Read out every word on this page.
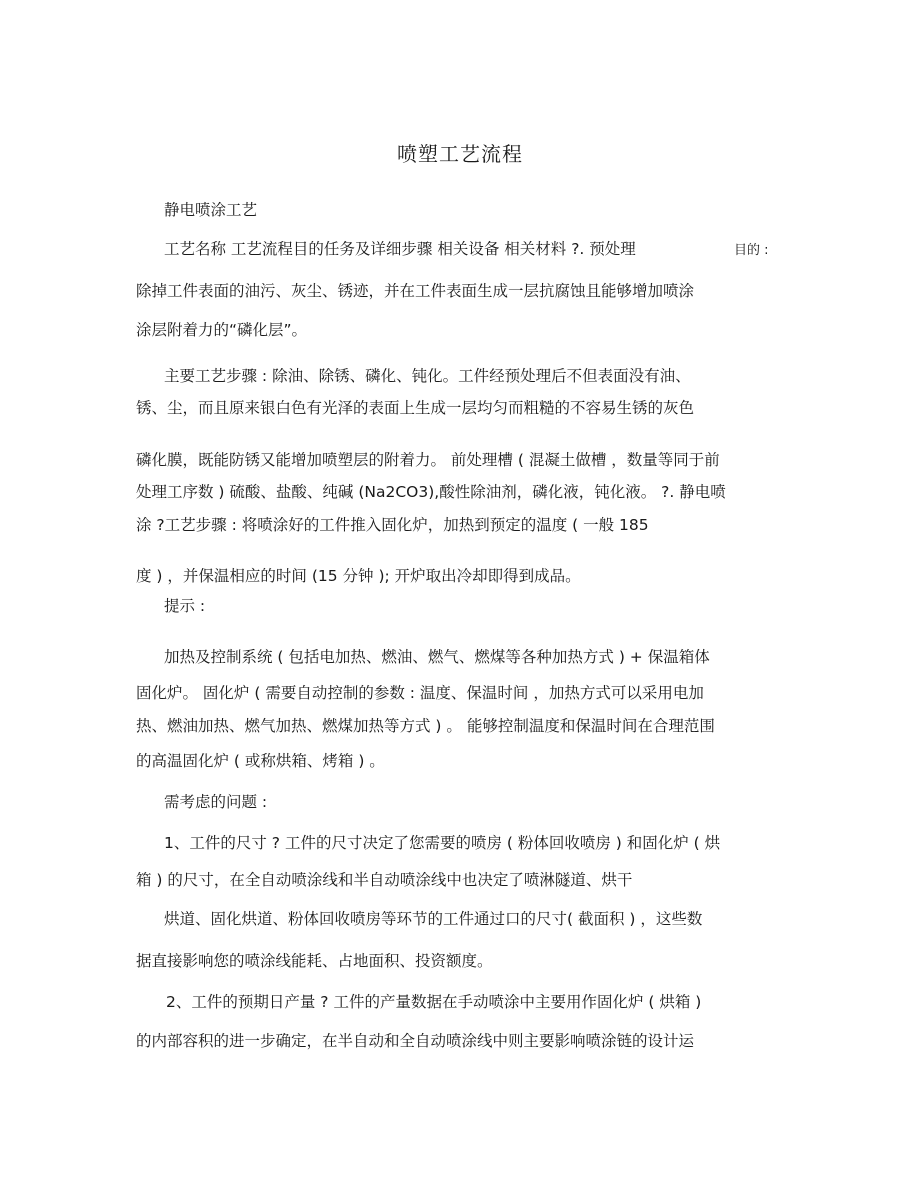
喷塑工艺流程
静电喷涂工艺
工艺名称 工艺流程目的任务及详细步骤 相关设备 相关材料 ?. 预处理	目的 :
除掉工件表面的油污、灰尘、锈迹，并在工件表面生成一层抗腐蚀且能够增加喷涂
涂层附着力的“磷化层”。
主要工艺步骤 : 除油、除锈、磷化、钝化。工件经预处理后不但表面没有油、
锈、尘，而且原来银白色有光泽的表面上生成一层均匀而粗糙的不容易生锈的灰色
磷化膜，既能防锈又能增加喷塑层的附着力。 前处理槽 ( 混凝土做槽 ，数量等同于前
处理工序数 ) 硫酸、盐酸、纯碱 (Na2CO3),酸性除油剂，磷化液，钝化液。 ?. 静电喷
涂 ?工艺步骤 : 将喷涂好的工件推入固化炉，加热到预定的温度 ( 一般 185
度 ) ，并保温相应的时间 (15 分钟 ); 开炉取出冷却即得到成品。
提示 :
加热及控制系统 ( 包括电加热、燃油、燃气、燃煤等各种加热方式 ) + 保温箱体
固化炉。 固化炉 ( 需要自动控制的参数 : 温度、保温时间 ，加热方式可以采用电加
热、燃油加热、燃气加热、燃煤加热等方式 ) 。 能够控制温度和保温时间在合理范围
的高温固化炉 ( 或称烘箱、烤箱 ) 。
需考虑的问题 :
1、工件的尺寸 ? 工件的尺寸决定了您需要的喷房 ( 粉体回收喷房 ) 和固化炉 ( 烘
箱 ) 的尺寸，在全自动喷涂线和半自动喷涂线中也决定了喷淋隧道、烘干
烘道、固化烘道、粉体回收喷房等环节的工件通过口的尺寸( 截面积 ) ，这些数
据直接影响您的喷涂线能耗、占地面积、投资额度。
2、工件的预期日产量 ? 工件的产量数据在手动喷涂中主要用作固化炉 ( 烘箱 )
的内部容积的进一步确定，在半自动和全自动喷涂线中则主要影响喷涂链的设计运
